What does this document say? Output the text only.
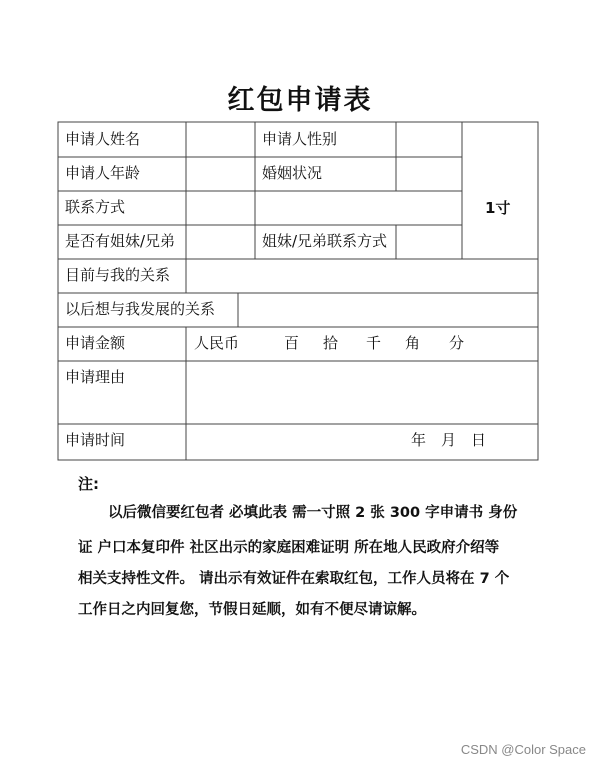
红包申请表
申请人姓名	申请人性别
申请人年龄	婚姻状况
1寸
联系方式
是否有姐妹/兄弟	姐妹/兄弟联系方式
目前与我的关系
以后想与我发展的关系
申请金额	人民币	百 拾 千 角 分
申请理由
申请时间	年 月 日
注:
以后微信要红包者 必填此表 需一寸照 2 张 300 字申请书 身份
证 户口本复印件 社区出示的家庭困难证明 所在地人民政府介绍等
相关支持性文件。 请出示有效证件在索取红包，工作人员将在 7 个
工作日之内回复您，节假日延顺，如有不便尽请谅解。
CSDN @Color Space
